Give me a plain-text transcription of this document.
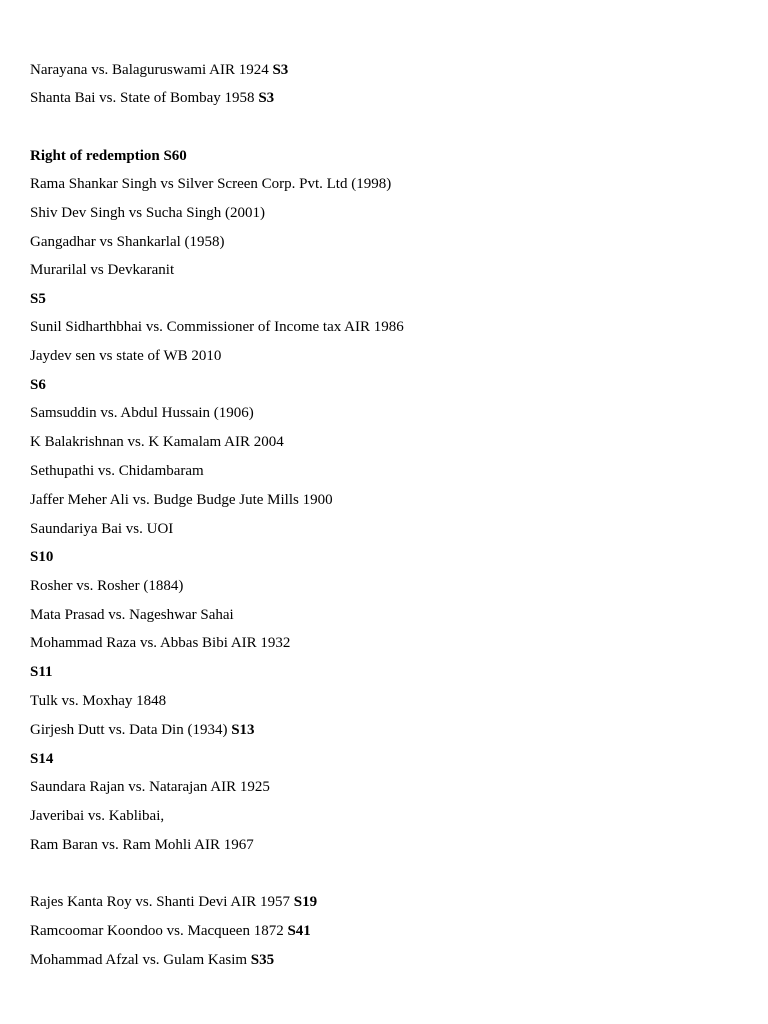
Narayana vs. Balaguruswami AIR 1924 S3
Shanta Bai vs. State of Bombay 1958 S3
Right of redemption S60
Rama Shankar Singh vs Silver Screen Corp. Pvt. Ltd (1998)
Shiv Dev Singh vs Sucha Singh (2001)
Gangadhar vs Shankarlal (1958)
Murarilal vs Devkaranit
S5
Sunil Sidharthbhai vs. Commissioner of Income tax AIR 1986
Jaydev sen vs state of WB 2010
S6
Samsuddin vs. Abdul Hussain (1906)
K Balakrishnan vs. K Kamalam AIR 2004
Sethupathi vs. Chidambaram
Jaffer Meher Ali vs. Budge Budge Jute Mills 1900
Saundariya Bai vs. UOI
S10
Rosher vs. Rosher (1884)
Mata Prasad vs. Nageshwar Sahai
Mohammad Raza vs. Abbas Bibi AIR 1932
S11
Tulk vs. Moxhay 1848
Girjesh Dutt vs. Data Din (1934) S13
S14
Saundara Rajan vs. Natarajan AIR 1925
Javeribai vs. Kablibai,
Ram Baran vs. Ram Mohli AIR 1967
Rajes Kanta Roy vs. Shanti Devi AIR 1957 S19
Ramcoomar Koondoo vs. Macqueen 1872 S41
Mohammad Afzal vs. Gulam Kasim S35
